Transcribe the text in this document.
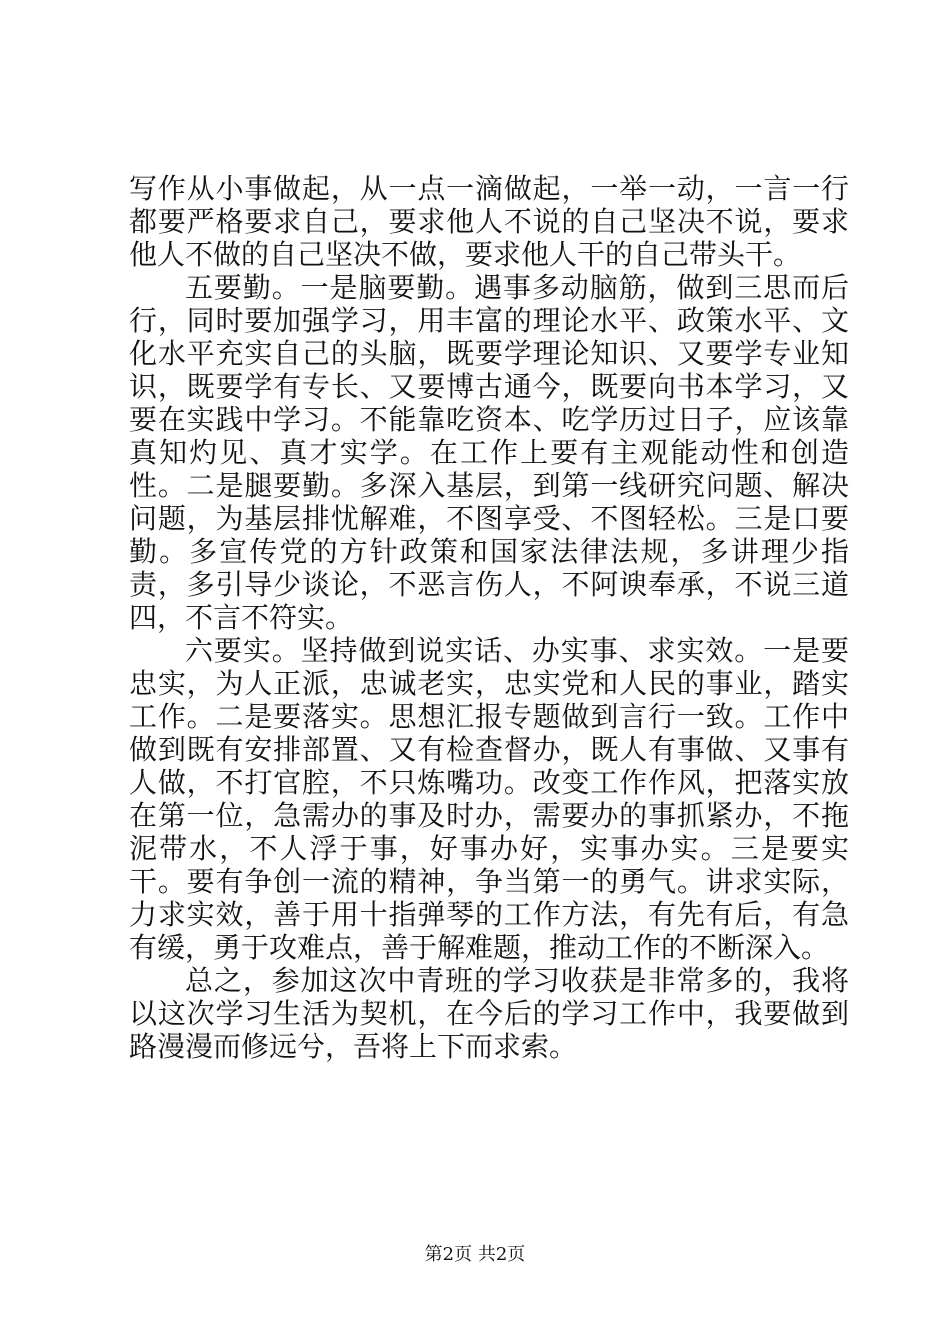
写作从小事做起，从一点一滴做起，一举一动，一言一行都要严格要求自己，要求他人不说的自己坚决不说，要求他人不做的自己坚决不做，要求他人干的自己带头干。

五要勤。一是脑要勤。遇事多动脑筋，做到三思而后行，同时要加强学习，用丰富的理论水平、政策水平、文化水平充实自己的头脑，既要学理论知识、又要学专业知识，既要学有专长、又要博古通今，既要向书本学习，又要在实践中学习。不能靠吃资本、吃学历过日子，应该靠真知灼见、真才实学。在工作上要有主观能动性和创造性。二是腿要勤。多深入基层，到第一线研究问题、解决问题，为基层排忧解难，不图享受、不图轻松。三是口要勤。多宣传党的方针政策和国家法律法规，多讲理少指责，多引导少谈论，不恶言伤人，不阿谀奉承，不说三道四，不言不符实。

六要实。坚持做到说实话、办实事、求实效。一是要忠实，为人正派，忠诚老实，忠实党和人民的事业，踏实工作。二是要落实。思想汇报专题做到言行一致。工作中做到既有安排部置、又有检查督办，既人有事做、又事有人做，不打官腔，不只炼嘴功。改变工作作风，把落实放在第一位，急需办的事及时办，需要办的事抓紧办，不拖泥带水，不人浮于事，好事办好，实事办实。三是要实干。要有争创一流的精神，争当第一的勇气。讲求实际，力求实效，善于用十指弹琴的工作方法，有先有后，有急有缓，勇于攻难点，善于解难题，推动工作的不断深入。

总之，参加这次中青班的学习收获是非常多的，我将以这次学习生活为契机，在今后的学习工作中，我要做到路漫漫而修远兮，吾将上下而求索。

第2页 共2页
